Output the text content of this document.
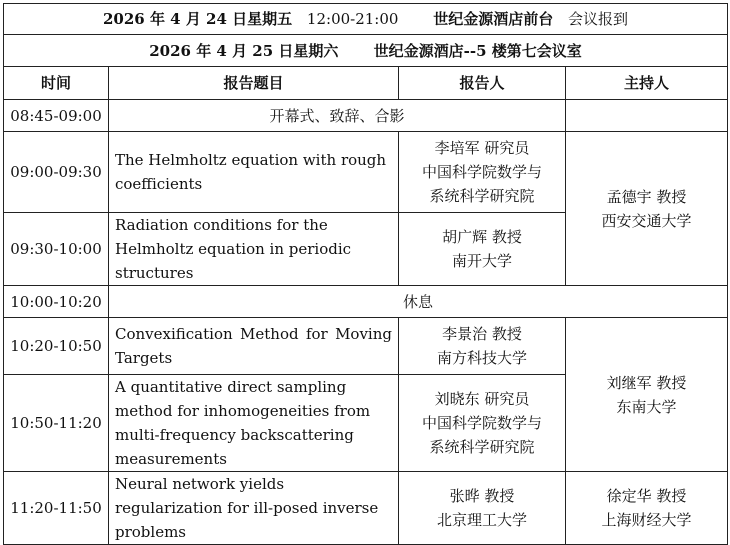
2026 年 4 月 24 日星期五 12:00-21:00 世纪金源酒店前台 会议报到			
2026 年 4 月 25 日星期六 世纪金源酒店--5 楼第七会议室			
时间	报告题目	报告人	主持人
08:45-09:00	开幕式、致辞、合影		
09:00-09:30	The Helmholtz equation with rough coefficients	李培军 研究员
中国科学院数学与
系统科学研究院	孟德宇 教授
西安交通大学

09:30-10:00	Radiation conditions for the Helmholtz equation in periodic structures	胡广辉 教授
南开大学	

10:00-10:20	休息		
10:20-10:50	Convexification Method for Moving Targets	李景治 教授
南方科技大学	刘继军 教授
东南大学

10:50-11:20	A quantitative direct sampling method for inhomogeneities from multi-frequency backscattering measurements	刘晓东 研究员
中国科学院数学与
系统科学研究院	

11:20-11:50	Neural network yields regularization for ill-posed inverse problems	张晔 教授
北京理工大学	徐定华 教授
上海财经大学
